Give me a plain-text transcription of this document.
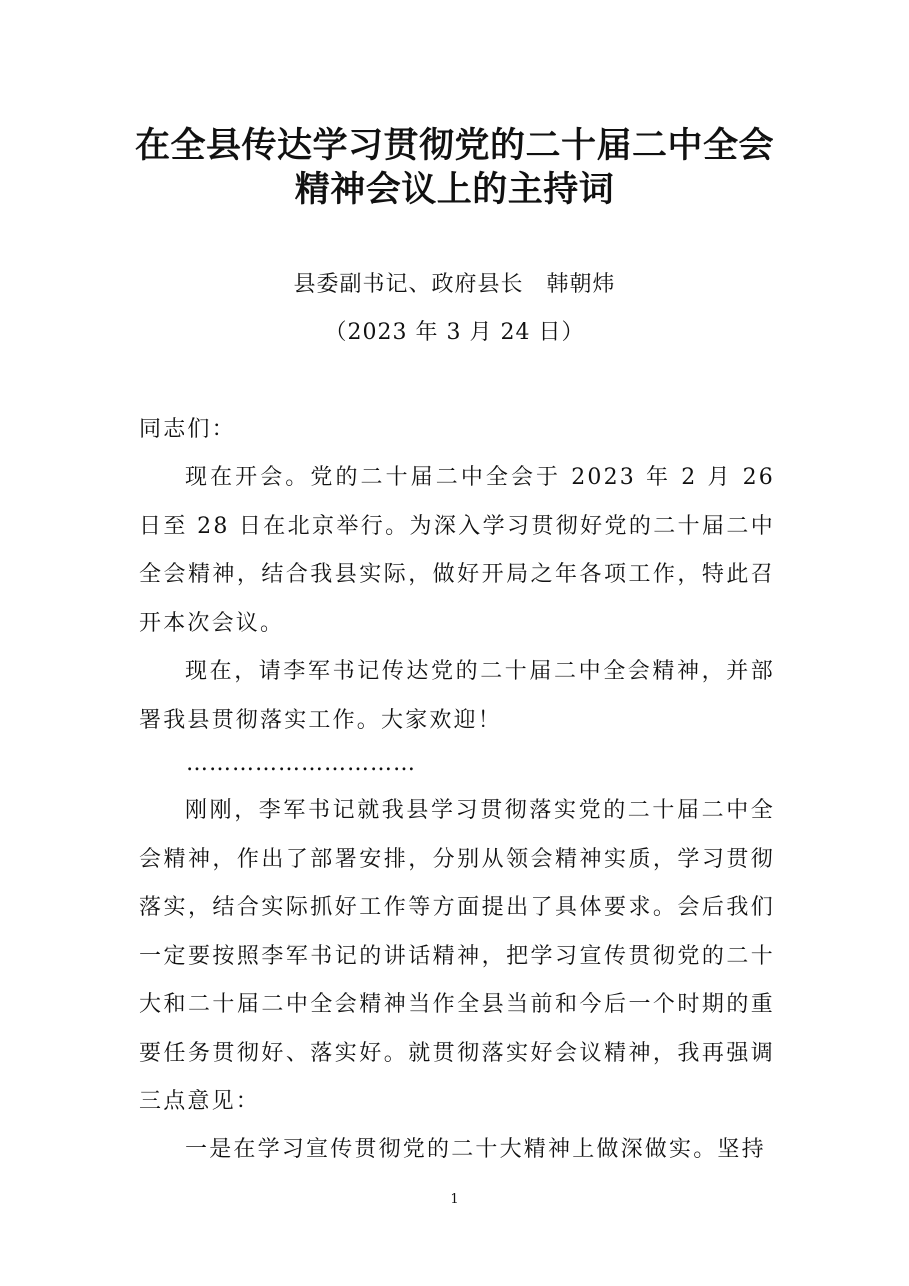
在全县传达学习贯彻党的二十届二中全会
精神会议上的主持词
县委副书记、政府县长　韩朝炜
（2023 年 3 月 24 日）
同志们：
现在开会。党的二十届二中全会于 2023 年 2 月 26 日至 28 日在北京举行。为深入学习贯彻好党的二十届二中全会精神，结合我县实际，做好开局之年各项工作，特此召开本次会议。
现在，请李军书记传达党的二十届二中全会精神，并部署我县贯彻落实工作。大家欢迎！
…………………………
刚刚，李军书记就我县学习贯彻落实党的二十届二中全会精神，作出了部署安排，分别从领会精神实质，学习贯彻落实，结合实际抓好工作等方面提出了具体要求。会后我们一定要按照李军书记的讲话精神，把学习宣传贯彻党的二十大和二十届二中全会精神当作全县当前和今后一个时期的重要任务贯彻好、落实好。就贯彻落实好会议精神，我再强调三点意见：
一是在学习宣传贯彻党的二十大精神上做深做实。坚持
1
